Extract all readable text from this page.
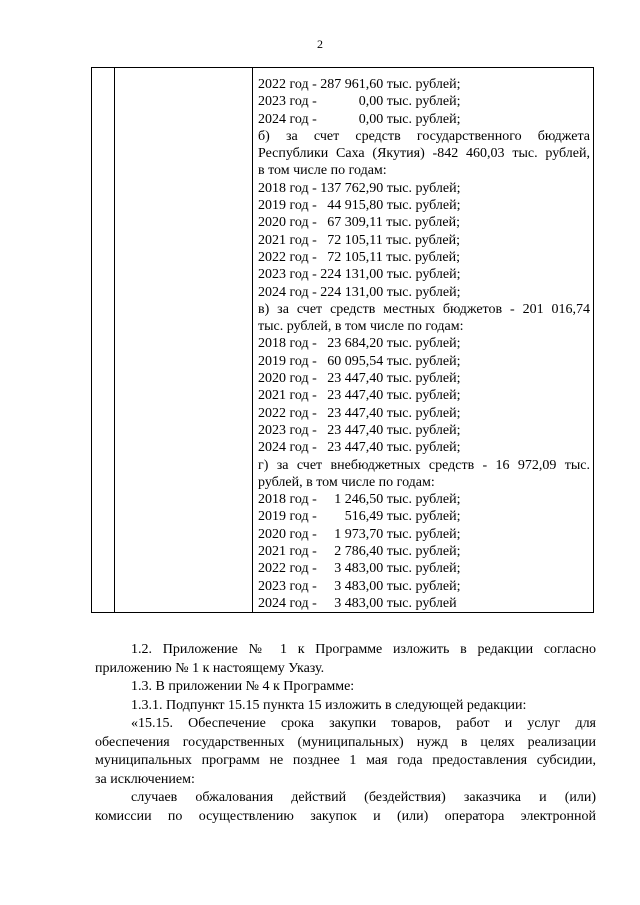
2
2022 год - 287 961,60 тыс. рублей;
2023 год -            0,00 тыс. рублей;
2024 год -            0,00 тыс. рублей;
б) за счет средств государственного бюджета
Республики Саха (Якутия) -842 460,03 тыс. рублей,
в том числе по годам:
2018 год - 137 762,90 тыс. рублей;
2019 год -   44 915,80 тыс. рублей;
2020 год -   67 309,11 тыс. рублей;
2021 год -   72 105,11 тыс. рублей;
2022 год -   72 105,11 тыс. рублей;
2023 год - 224 131,00 тыс. рублей;
2024 год - 224 131,00 тыс. рублей;
в) за счет средств местных бюджетов - 201 016,74
тыс. рублей, в том числе по годам:
2018 год -   23 684,20 тыс. рублей;
2019 год -   60 095,54 тыс. рублей;
2020 год -   23 447,40 тыс. рублей;
2021 год -   23 447,40 тыс. рублей;
2022 год -   23 447,40 тыс. рублей;
2023 год -   23 447,40 тыс. рублей;
2024 год -   23 447,40 тыс. рублей;
г) за счет внебюджетных средств - 16 972,09 тыс.
рублей, в том числе по годам:
2018 год -     1 246,50 тыс. рублей;
2019 год -        516,49 тыс. рублей;
2020 год -     1 973,70 тыс. рублей;
2021 год -     2 786,40 тыс. рублей;
2022 год -     3 483,00 тыс. рублей;
2023 год -     3 483,00 тыс. рублей;
2024 год -     3 483,00 тыс. рублей
1.2. Приложение № 1 к Программе изложить в редакции согласно
приложению № 1 к настоящему Указу.
1.3. В приложении № 4 к Программе:
1.3.1. Подпункт 15.15 пункта 15 изложить в следующей редакции:
«15.15. Обеспечение срока закупки товаров, работ и услуг для
обеспечения государственных (муниципальных) нужд в целях реализации
муниципальных программ не позднее 1 мая года предоставления субсидии,
за исключением:
случаев обжалования действий (бездействия) заказчика и (или)
комиссии по осуществлению закупок и (или) оператора электронной
